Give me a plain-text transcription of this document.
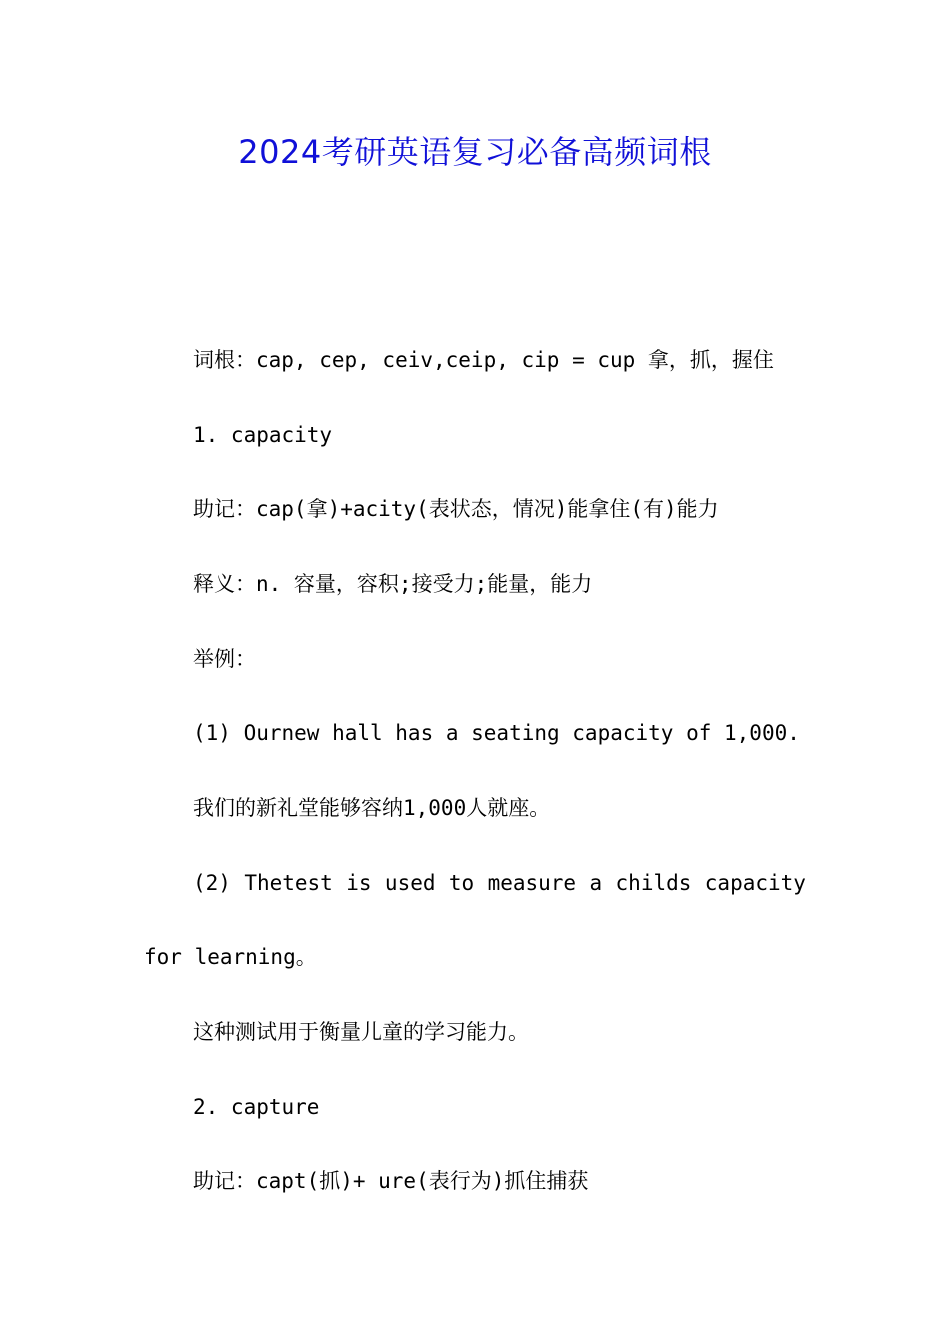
2024考研英语复习必备高频词根
词根：cap, cep, ceiv,ceip, cip = cup 拿，抓，握住
1. capacity
助记：cap(拿)+acity(表状态，情况)能拿住(有)能力
释义：n. 容量，容积;接受力;能量，能力
举例：
(1) Ournew hall has a seating capacity of 1,000.
我们的新礼堂能够容纳1,000人就座。
(2) Thetest is used to measure a childs capacity
for learning。
这种测试用于衡量儿童的学习能力。
2. capture
助记：capt(抓)+ ure(表行为)抓住捕获
